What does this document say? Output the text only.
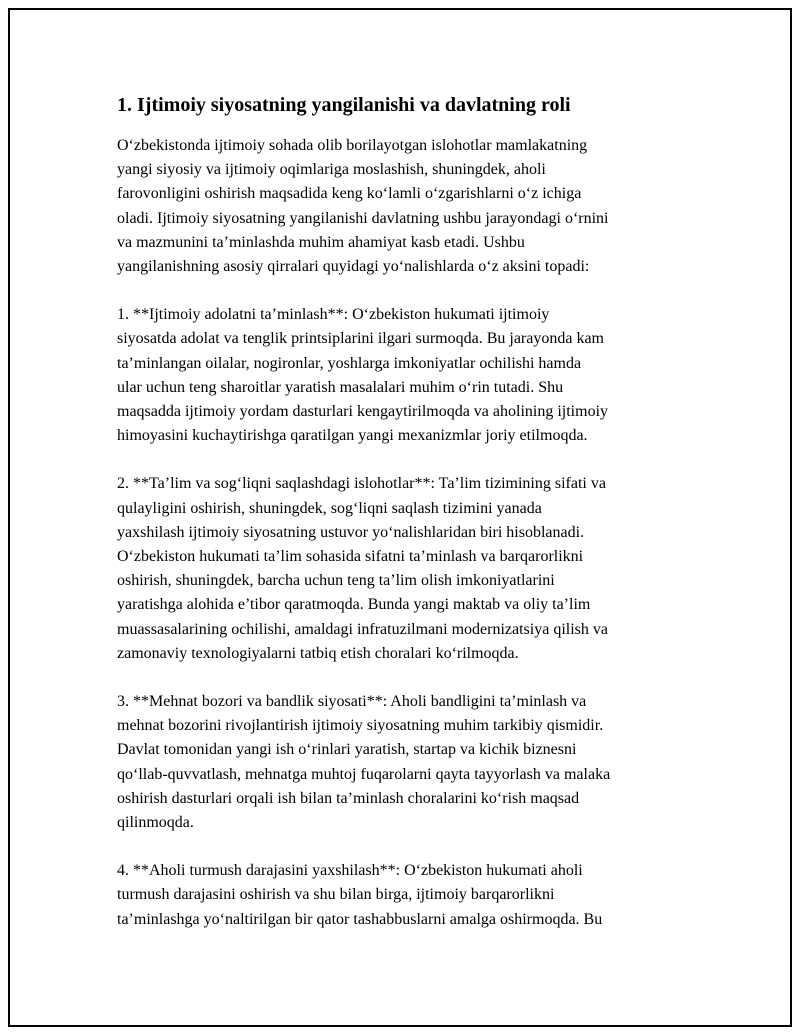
1. Ijtimoiy siyosatning yangilanishi va davlatning roli
O‘zbekistonda ijtimoiy sohada olib borilayotgan islohotlar mamlakatning
yangi siyosiy va ijtimoiy oqimlariga moslashish, shuningdek, aholi
farovonligini oshirish maqsadida keng ko‘lamli o‘zgarishlarni o‘z ichiga
oladi. Ijtimoiy siyosatning yangilanishi davlatning ushbu jarayondagi o‘rnini
va mazmunini ta’minlashda muhim ahamiyat kasb etadi. Ushbu
yangilanishning asosiy qirralari quyidagi yo‘nalishlarda o‘z aksini topadi:
1. **Ijtimoiy adolatni ta’minlash**: O‘zbekiston hukumati ijtimoiy
siyosatda adolat va tenglik printsiplarini ilgari surmoqda. Bu jarayonda kam
ta’minlangan oilalar, nogironlar, yoshlarga imkoniyatlar ochilishi hamda
ular uchun teng sharoitlar yaratish masalalari muhim o‘rin tutadi. Shu
maqsadda ijtimoiy yordam dasturlari kengaytirilmoqda va aholining ijtimoiy
himoyasini kuchaytirishga qaratilgan yangi mexanizmlar joriy etilmoqda.
2. **Ta’lim va sog‘liqni saqlashdagi islohotlar**: Ta’lim tizimining sifati va
qulayligini oshirish, shuningdek, sog‘liqni saqlash tizimini yanada
yaxshilash ijtimoiy siyosatning ustuvor yo‘nalishlaridan biri hisoblanadi.
O‘zbekiston hukumati ta’lim sohasida sifatni ta’minlash va barqarorlikni
oshirish, shuningdek, barcha uchun teng ta’lim olish imkoniyatlarini
yaratishga alohida e’tibor qaratmoqda. Bunda yangi maktab va oliy ta’lim
muassasalarining ochilishi, amaldagi infratuzilmani modernizatsiya qilish va
zamonaviy texnologiyalarni tatbiq etish choralari ko‘rilmoqda.
3. **Mehnat bozori va bandlik siyosati**: Aholi bandligini ta’minlash va
mehnat bozorini rivojlantirish ijtimoiy siyosatning muhim tarkibiy qismidir.
Davlat tomonidan yangi ish o‘rinlari yaratish, startap va kichik biznesni
qo‘llab-quvvatlash, mehnatga muhtoj fuqarolarni qayta tayyorlash va malaka
oshirish dasturlari orqali ish bilan ta’minlash choralarini ko‘rish maqsad
qilinmoqda.
4. **Aholi turmush darajasini yaxshilash**: O‘zbekiston hukumati aholi
turmush darajasini oshirish va shu bilan birga, ijtimoiy barqarorlikni
ta’minlashga yo‘naltirilgan bir qator tashabbuslarni amalga oshirmoqda. Bu
